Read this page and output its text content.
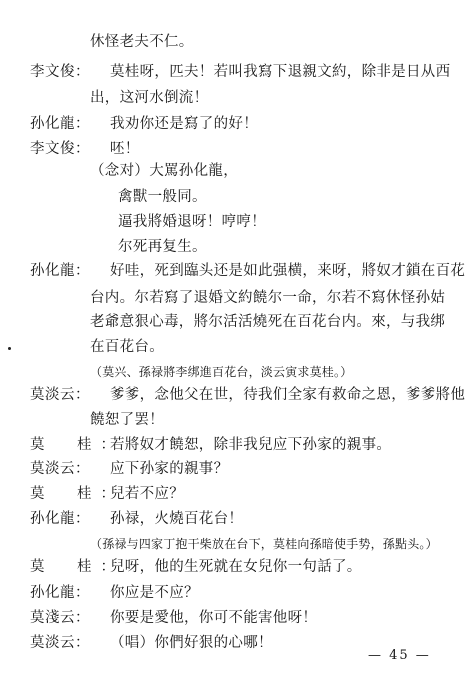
休怪老夫不仁。
李文俊： 莫桂呀，匹夫！若叫我寫下退親文約，除非是日从西
出，这河水倒流！
孙化龍： 我劝你还是寫了的好！
李文俊： 呸！
（念对）大罵孙化龍，
禽獸一般同。
逼我將婚退呀！哼哼！
尔死再复生。
孙化龍： 好哇，死到臨头还是如此强横，来呀，將奴才鎖在百花
台内。尔若寫了退婚文約饒尔一命，尔若不寫休怪孙姑
老爺意狠心毒，將尔活活燒死在百花台内。來，与我绑
在百花台。
（莫兴、孫禄將李绑進百花台，淡云寅求莫桂。）
莫淡云： 爹爹，念他父在世，待我们全家有救命之恩，爹爹將他
饒恕了罢！
莫　桂：若將奴才饒恕，除非我兒应下孙家的親事。
莫淡云： 应下孙家的親事？
莫　桂：兒若不应？
孙化龍： 孙禄，火燒百花台！
（孫禄与四家丁抱干柴放在台下，莫桂向孫暗使手势，孫點头。）
莫　桂：兒呀，他的生死就在女兒你一句話了。
孙化龍： 你应是不应？
莫淺云： 你要是愛他，你可不能害他呀！
莫淡云： （唱）你們好狠的心哪！
— 45 —
